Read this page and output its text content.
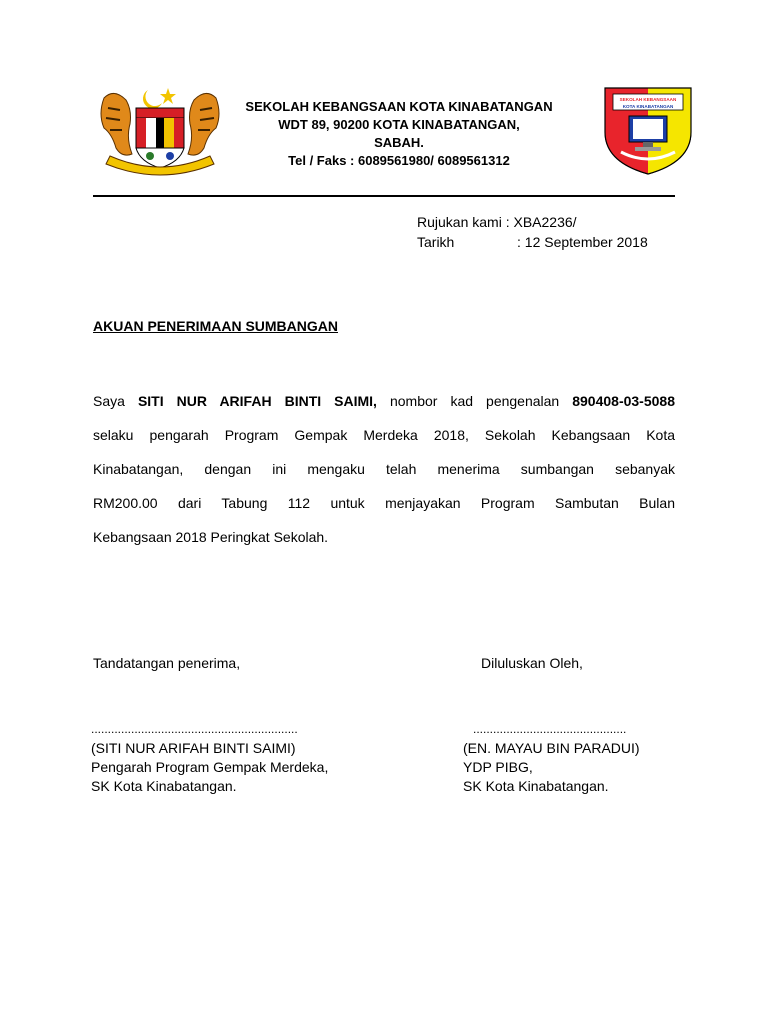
SEKOLAH KEBANGSAAN KOTA KINABATANGAN
WDT 89, 90200 KOTA KINABATANGAN,
SABAH.
Tel / Faks : 6089561980/ 6089561312
SEKOLAH KEBANGSAAN
KOTA KINABATANGAN
Rujukan kami
: XBA2236/
Tarikh	: 12 September 2018
AKUAN PENERIMAAN SUMBANGAN
Saya SITI NUR ARIFAH BINTI SAIMI, nombor kad pengenalan 890408-03-5088
selaku pengarah Program Gempak Merdeka 2018, Sekolah Kebangsaan Kota
Kinabatangan, dengan ini mengaku telah menerima sumbangan sebanyak
RM200.00 dari Tabung 112 untuk menjayakan Program Sambutan Bulan
Kebangsaan 2018 Peringkat Sekolah.
Tandatangan penerima,	Diluluskan Oleh,
..............................................................
(SITI NUR ARIFAH BINTI SAIMI)
Pengarah Program Gempak Merdeka,
SK Kota Kinabatangan.
..............................................
(EN. MAYAU BIN PARADUI)
YDP PIBG,
SK Kota Kinabatangan.
